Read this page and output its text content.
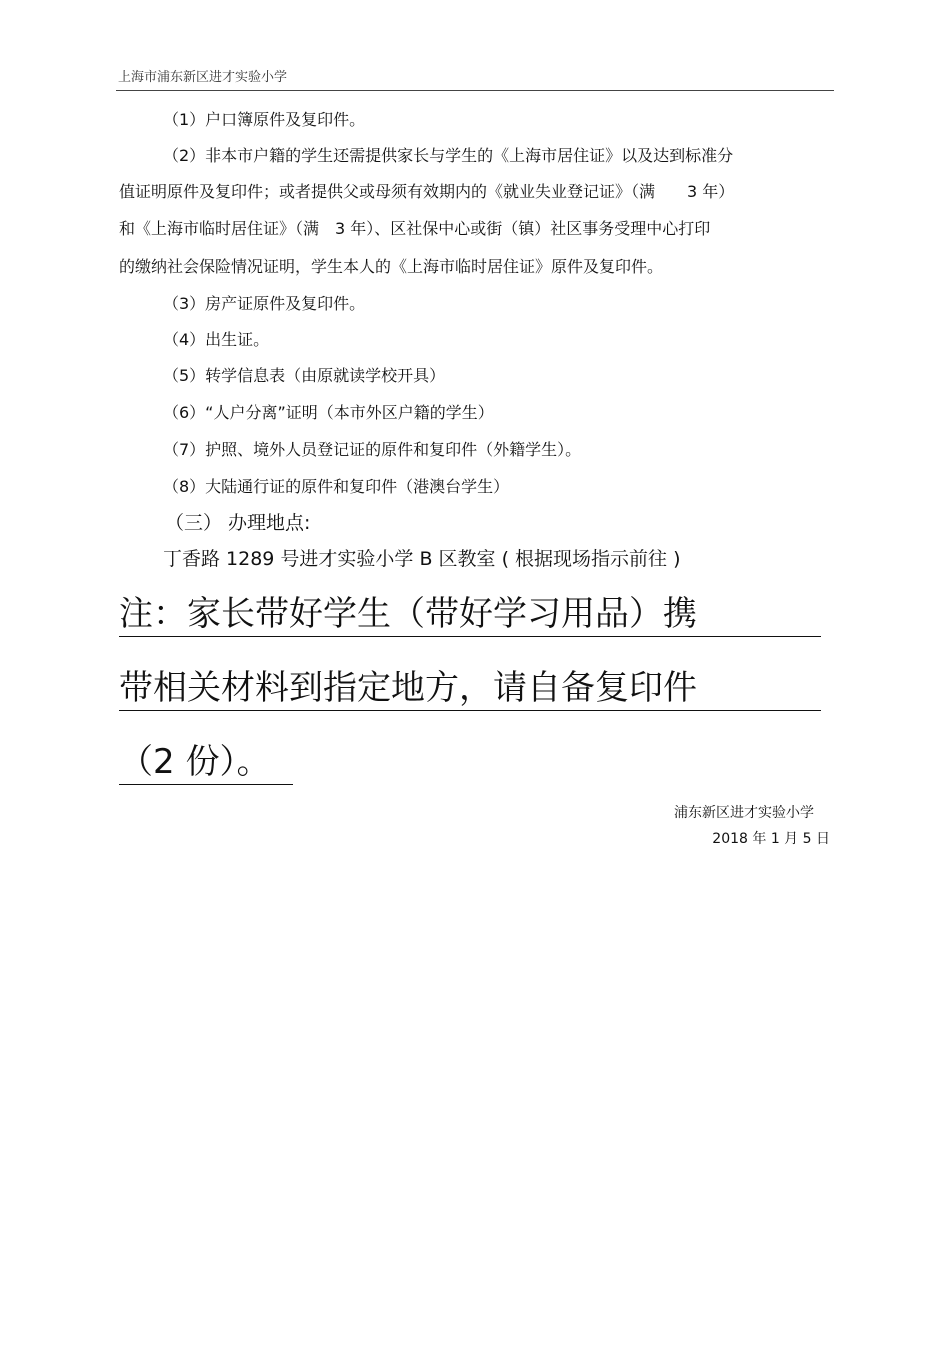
上海市浦东新区进才实验小学
（1）户口簿原件及复印件。
（2）非本市户籍的学生还需提供家长与学生的《上海市居住证》以及达到标准分
值证明原件及复印件；或者提供父或母须有效期内的《就业失业登记证》（满　　3 年）
和《上海市临时居住证》（满　3 年）、区社保中心或街（镇）社区事务受理中心打印
的缴纳社会保险情况证明，学生本人的《上海市临时居住证》原件及复印件。
（3）房产证原件及复印件。
（4）出生证。
（5）转学信息表（由原就读学校开具）
（6）“人户分离”证明（本市外区户籍的学生）
（7）护照、境外人员登记证的原件和复印件（外籍学生）。
（8）大陆通行证的原件和复印件（港澳台学生）
（三） 办理地点:
丁香路 1289 号进才实验小学 B 区教室 ( 根据现场指示前往 )
注：家长带好学生（带好学习用品）携
带相关材料到指定地方，请自备复印件
（2 份）。
浦东新区进才实验小学
2018 年 1 月 5 日
